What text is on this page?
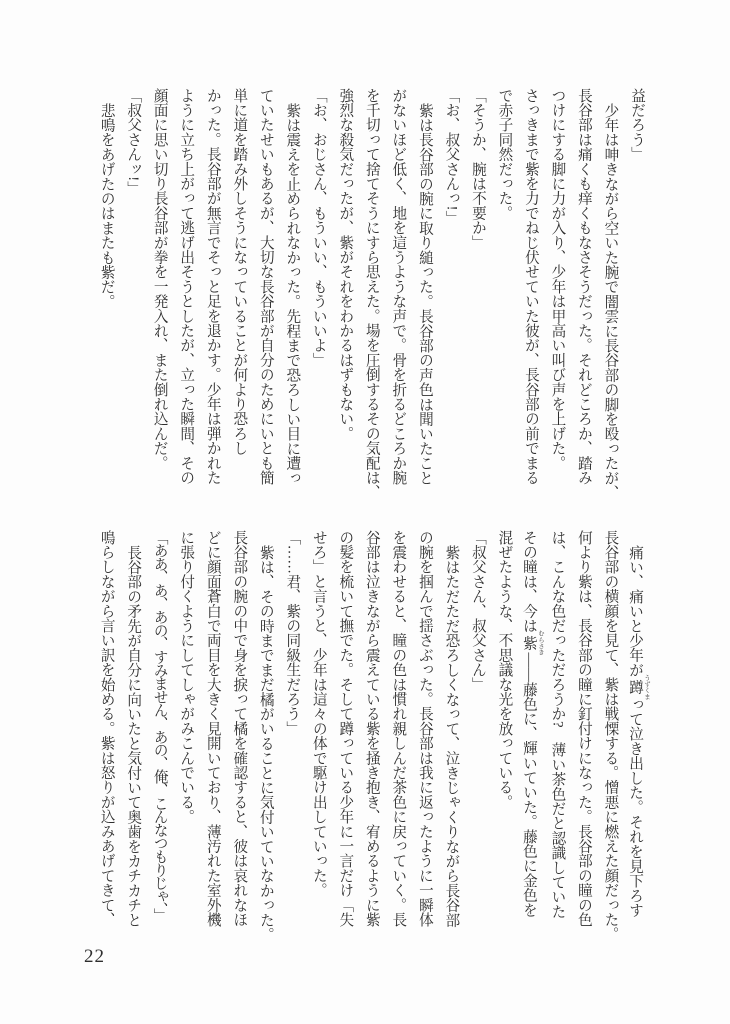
益だろう」
少年は呻きながら空いた腕で闇雲に長谷部の脚を殴ったが、
長谷部は痛くも痒くもなさそうだった。それどころか、踏み
つけにする脚に力が入り、少年は甲高い叫び声を上げた。
さっきまで紫を力でねじ伏せていた彼が、長谷部の前でまる
で赤子同然だった。
「そうか、腕は不要か」
「お、叔父さんっ!」
紫は長谷部の腕に取り縋った。長谷部の声色は聞いたこと
がないほど低く、地を這うような声で。骨を折るどころか腕
を千切って捨てそうにすら思えた。場を圧倒するその気配は、
強烈な殺気だったが、紫がそれをわかるはずもない。
「お、おじさん、もういい、もういいよ」
紫は震えを止められなかった。先程まで恐ろしい目に遭っ
ていたせいもあるが、大切な長谷部が自分のためにいとも簡
単に道を踏み外しそうになっていることが何より恐ろし
かった。長谷部が無言でそっと足を退かす。少年は弾かれた
ように立ち上がって逃げ出そうとしたが、立った瞬間、その
顔面に思い切り長谷部が拳を一発入れ、また倒れ込んだ。
「叔父さんッ!」
悲鳴をあげたのはまたも紫だ。
痛い、痛いと少年が蹲 うずくまって泣き出した。それを見下ろす
長谷部の横顔を見て、紫は戦慄する。憎悪に燃えた顔だった。
何より紫は、長谷部の瞳に釘付けになった。長谷部の瞳の色
は、こんな色だっただろうか?　薄い茶色だと認識していた
その瞳は、今は紫 むらさき――藤色に、輝いていた。藤色に金色を
混ぜたような、不思議な光を放っている。
「叔父さん、叔父さん」
紫はただただ恐ろしくなって、泣きじゃくりながら長谷部
の腕を掴んで揺さぶった。長谷部は我に返ったように一瞬体
を震わせると、瞳の色は慣れ親しんだ茶色に戻っていく。長
谷部は泣きながら震えている紫を掻き抱き、宥めるように紫
の髪を梳いて撫でた。そして蹲っている少年に一言だけ「失
せろ」と言うと、少年は這々の体で駆け出していった。
「……君、紫の同級生だろう」
紫は、その時までまだ橘がいることに気付いていなかった。
長谷部の腕の中で身を捩って橘を確認すると、彼は哀れなほ
どに顔面蒼白で両目を大きく見開いており、薄汚れた室外機
に張り付くようにしてしゃがみこんでいる。
「ああ、あ、あの、すみません、あの、俺、こんなつもりじゃ、」
長谷部の矛先が自分に向いたと気付いて奥歯をカチカチと
鳴らしながら言い訳を始める。紫は怒りが込みあげてきて、
22
